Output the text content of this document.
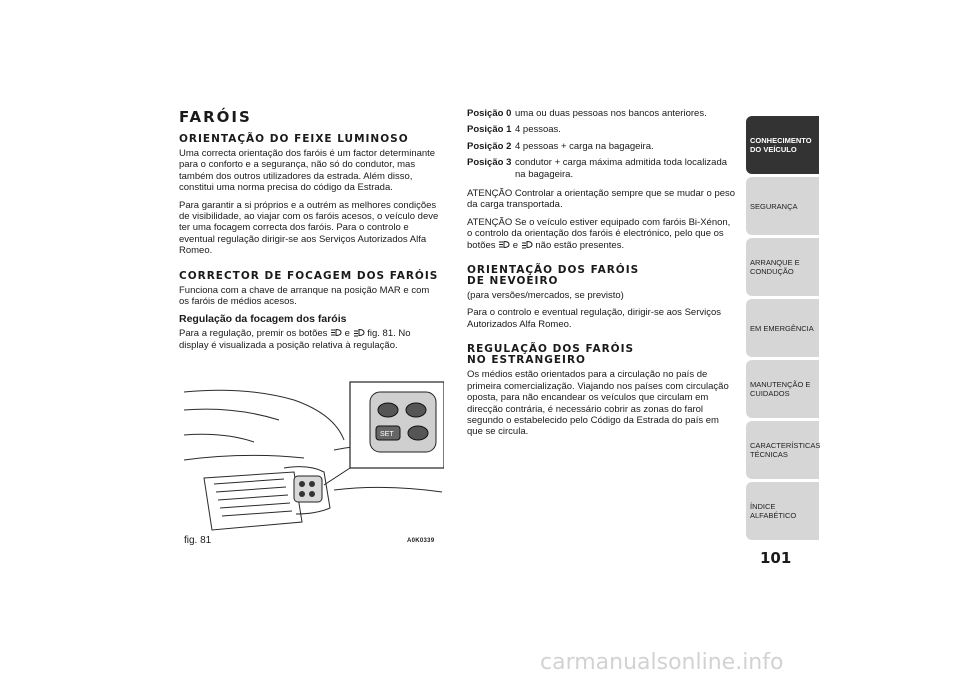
FARÓIS
ORIENTAÇÃO DO FEIXE LUMINOSO

Uma correcta orientação dos faróis é um factor determinante para o conforto e a segurança, não só do condutor, mas também dos outros utilizadores da estrada. Além disso, constitui uma norma precisa do código da Estrada.

Para garantir a si próprios e a outrém as melhores condições de visibilidade, ao viajar com os faróis acesos, o veículo deve ter uma focagem correcta dos faróis. Para o controlo e eventual regulação dirigir-se aos Serviços Autorizados Alfa Romeo.

CORRECTOR DE FOCAGEM DOS FARÓIS

Funciona com a chave de arranque na posição MAR e com os faróis de médios acesos.

Regulação da focagem dos faróis

Para a regulação, premir os botões  e  fig. 81. No display é visualizada a posição relativa à regulação.

SET
fig. 81	A0K0339
Posição 0 uma ou duas pessoas nos bancos anteriores.
Posição 1 4 pessoas.
Posição 2 4 pessoas + carga na bagageira.
Posição 3 condutor + carga máxima admitida toda localizada na bagageira.

ATENÇÃO Controlar a orientação sempre que se mudar o peso da carga transportada.

ATENÇÃO Se o veículo estiver equipado com faróis Bi-Xénon, o controlo da orientação dos faróis é electrónico, pelo que os botões  e  não estão presentes.

ORIENTAÇÃO DOS FARÓIS
DE NEVOEIRO

(para versões/mercados, se previsto)

Para o controlo e eventual regulação, dirigir-se aos Serviços Autorizados Alfa Romeo.

REGULAÇÃO DOS FARÓIS
NO ESTRANGEIRO

Os médios estão orientados para a circulação no país de primeira comercialização. Viajando nos países com circulação oposta, para não encandear os veículos que circulam em direcção contrária, é necessário cobrir as zonas do farol segundo o estabelecido pelo Código da Estrada do país em que se circula.

CONHECIMENTO DO VEÍCULO
SEGURANÇA
ARRANQUE E CONDUÇÃO
EM EMERGÊNCIA
MANUTENÇÃO E CUIDADOS
CARACTERÍSTICAS TÉCNICAS
ÍNDICE ALFABÉTICO
101
carmanualsonline.info
